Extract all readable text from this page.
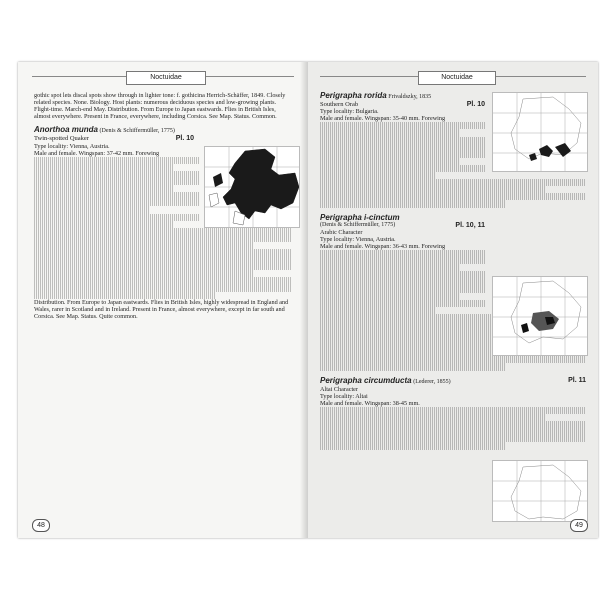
Noctuidae
gothic spot lets discal spots show through in lighter tone: f. gothicina Herrich-Schäffer, 1849. Closely related species. None. Biology. Host plants: numerous deciduous species and low-growing plants. Flight-time. March-end May. Distribution. From Europe to Japan eastwards. Flies in British Isles, almost everywhere. Present in France, everywhere, including Corsica. See Map. Status. Common.
Anorthoa munda (Denis & Schiffermüller, 1775)
Twin-spotted Quaker	Pl. 10
Type locality: Vienna, Austria.
Male and female. Wingspan: 37-42 mm. Forewing
Distribution. From Europe to Japan eastwards. Flies in British Isles, highly widespread in England and Wales, rarer in Scotland and in Ireland. Present in France, almost everywhere, except in far south and Corsica. See Map. Status. Quite common.
48
Noctuidae
Perigrapha rorida Frivaldszky, 1835
Southern Orab	Pl. 10
Type locality: Bulgaria.
Male and female. Wingspan: 35-40 mm. Forewing
Perigrapha i-cinctum
(Denis & Schiffermüller, 1775)	Pl. 10, 11
Arabic Character
Type locality: Vienna, Austria.
Male and female. Wingspan: 36-43 mm. Forewing
Perigrapha circumducta (Lederer, 1855)	Pl. 11
Altai Character
Type locality: Altai
Male and female. Wingspan: 38-45 mm.
49
